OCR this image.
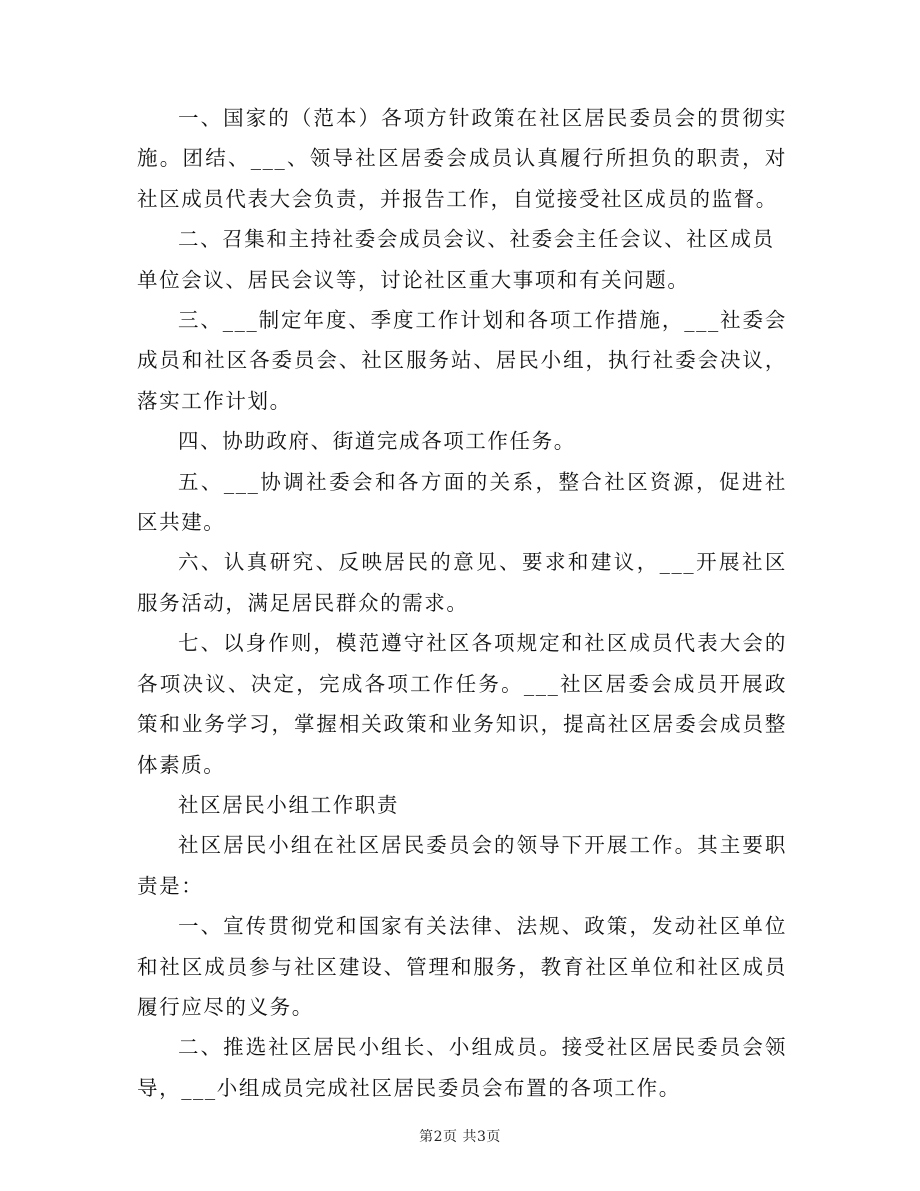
一、国家的（范本）各项方针政策在社区居民委员会的贯彻实施。团结、___、领导社区居委会成员认真履行所担负的职责，对社区成员代表大会负责，并报告工作，自觉接受社区成员的监督。

二、召集和主持社委会成员会议、社委会主任会议、社区成员单位会议、居民会议等，讨论社区重大事项和有关问题。

三、___制定年度、季度工作计划和各项工作措施，___社委会成员和社区各委员会、社区服务站、居民小组，执行社委会决议，落实工作计划。

四、协助政府、街道完成各项工作任务。

五、___协调社委会和各方面的关系，整合社区资源，促进社区共建。

六、认真研究、反映居民的意见、要求和建议，___开展社区服务活动，满足居民群众的需求。

七、以身作则，模范遵守社区各项规定和社区成员代表大会的各项决议、决定，完成各项工作任务。___社区居委会成员开展政策和业务学习，掌握相关政策和业务知识，提高社区居委会成员整体素质。

社区居民小组工作职责

社区居民小组在社区居民委员会的领导下开展工作。其主要职责是：

一、宣传贯彻党和国家有关法律、法规、政策，发动社区单位和社区成员参与社区建设、管理和服务，教育社区单位和社区成员履行应尽的义务。

二、推选社区居民小组长、小组成员。接受社区居民委员会领导，___小组成员完成社区居民委员会布置的各项工作。

第2页 共3页
